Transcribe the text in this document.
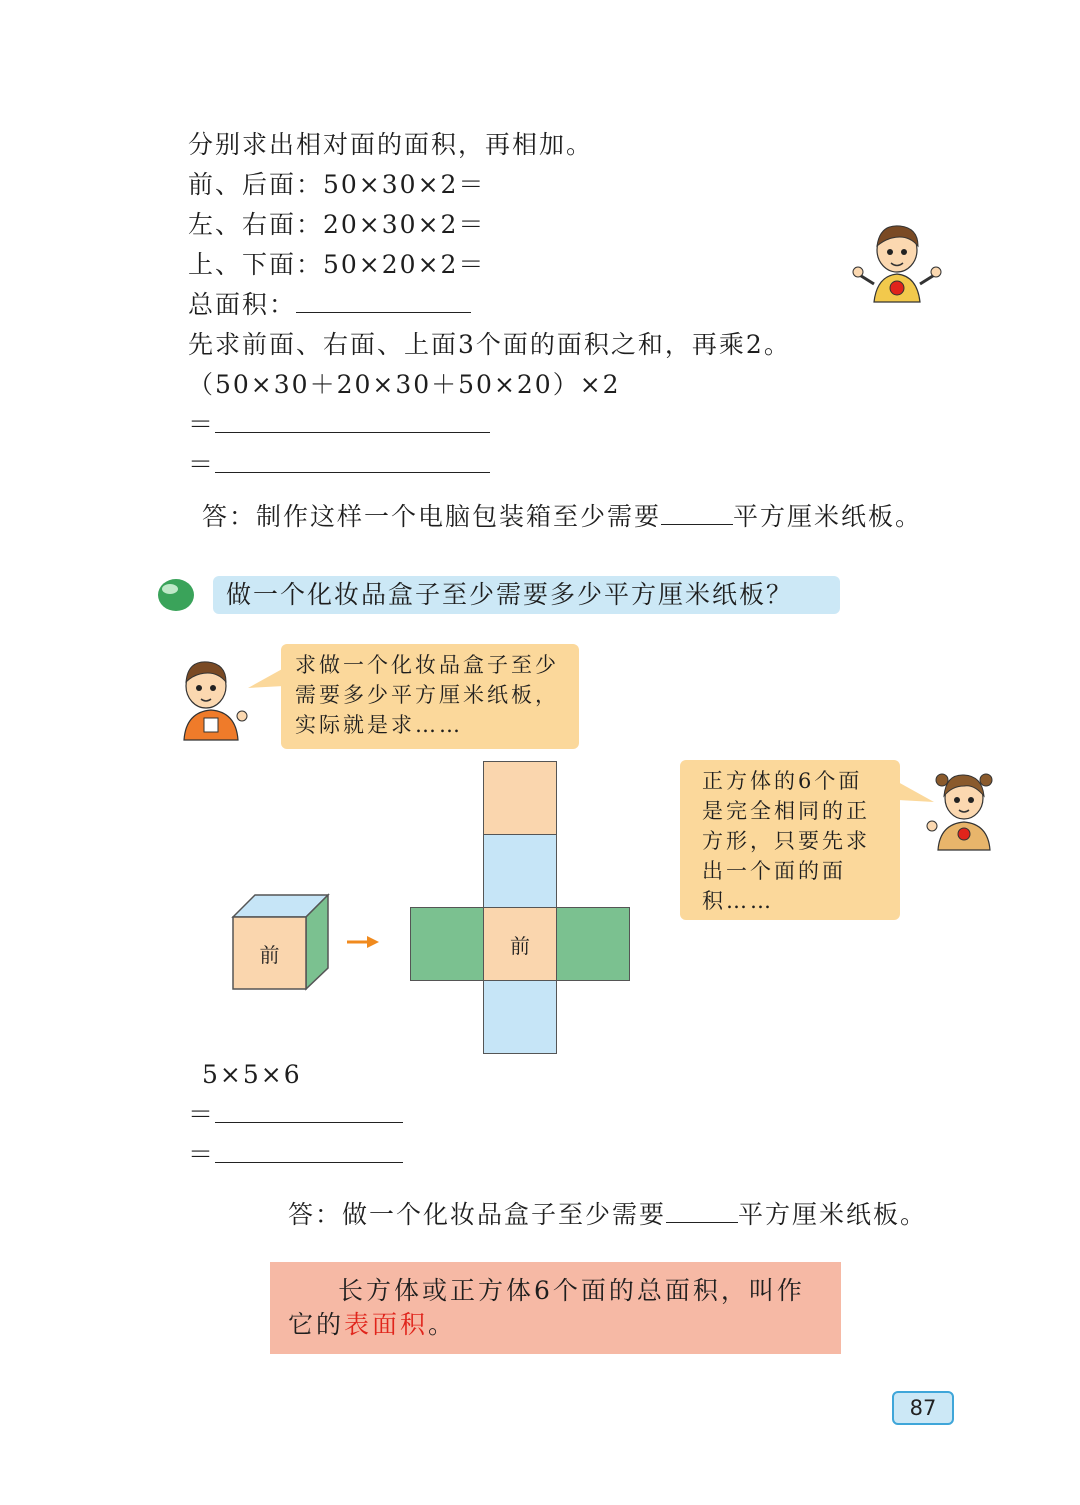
分别求出相对面的面积，再相加。
前、后面：50×30×2＝
左、右面：20×30×2＝
上、下面：50×20×2＝
总面积：
先求前面、右面、上面3个面的面积之和，再乘2。
（50×30＋20×30＋50×20）×2
＝
＝
答：制作这样一个电脑包装箱至少需要	平方厘米纸板。
做一个化妆品盒子至少需要多少平方厘米纸板？
求做一个化妆品盒子至少需要多少平方厘米纸板，实际就是求……
前	前
正方体的6个面是完全相同的正方形，只要先求出一个面的面积……
5×5×6
＝
＝
答：做一个化妆品盒子至少需要	平方厘米纸板。
长方体或正方体6个面的总面积，叫作它的表面积。
87
